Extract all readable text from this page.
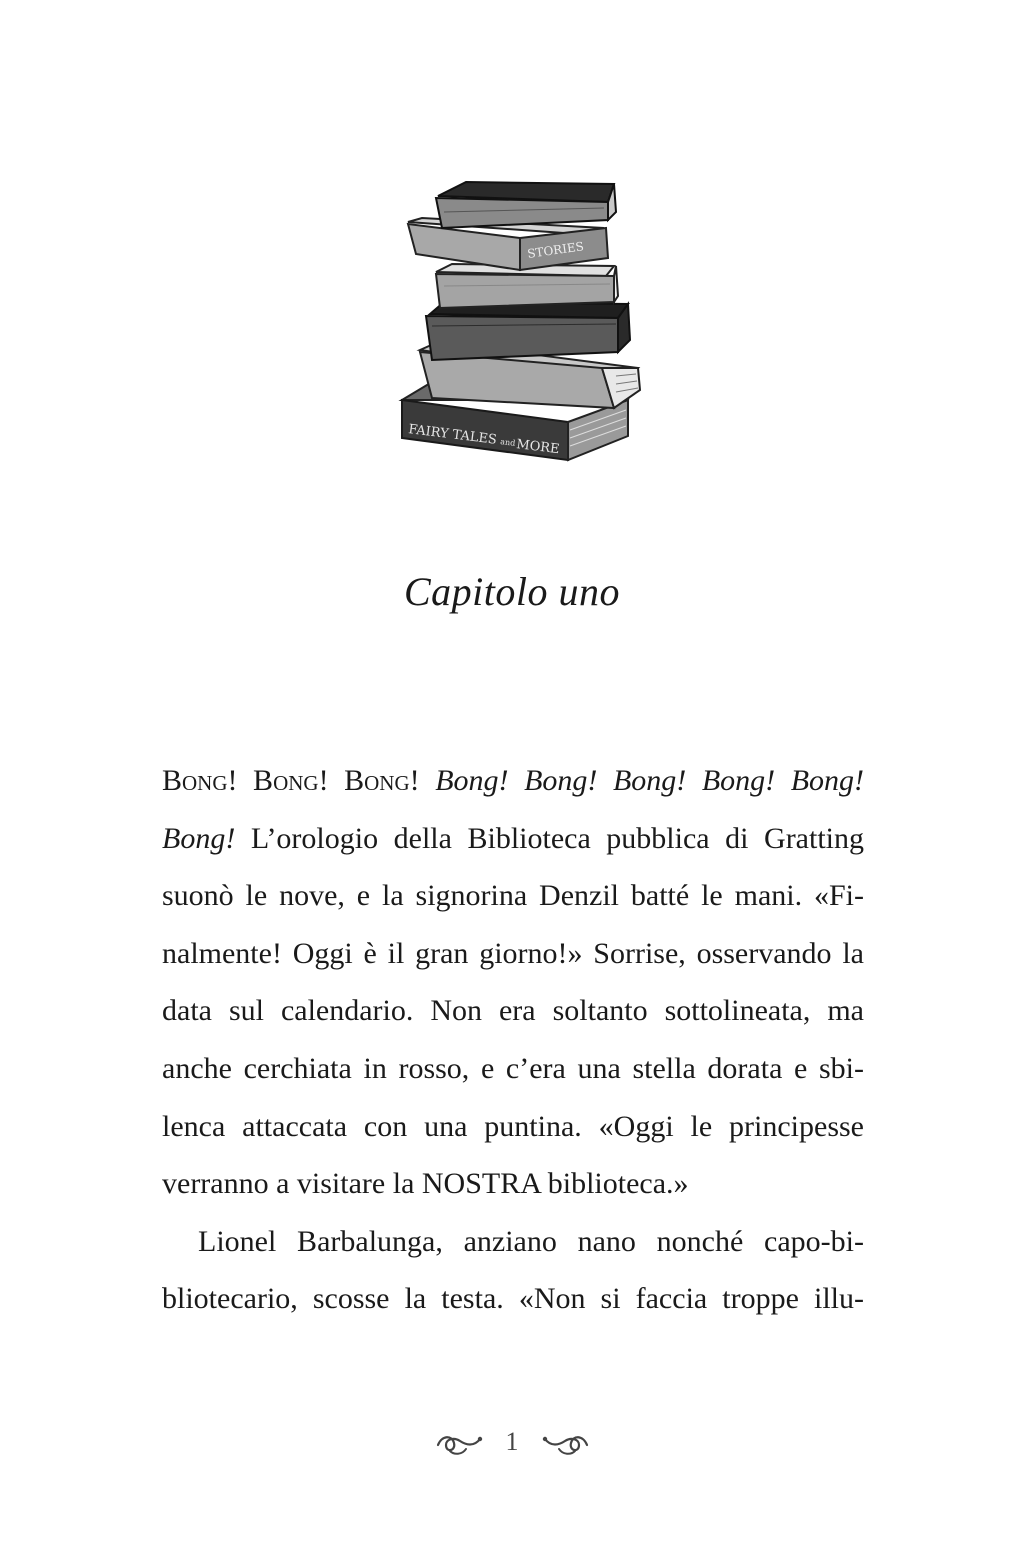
FAIRY TALES and MORE
STORIES
Capitolo uno
Bong! Bong! Bong! Bong! Bong! Bong! Bong! Bong!
Bong! L’orologio della Biblioteca pubblica di Gratting
suonò le nove, e la signorina Denzil batté le mani. «Fi-
nalmente! Oggi è il gran giorno!» Sorrise, osservando la
data sul calendario. Non era soltanto sottolineata, ma
anche cerchiata in rosso, e c’era una stella dorata e sbi-
lenca attaccata con una puntina. «Oggi le principesse
verranno a visitare la NOSTRA biblioteca.»
Lionel Barbalunga, anziano nano nonché capo-bi-
bliotecario, scosse la testa. «Non si faccia troppe illu-
1
